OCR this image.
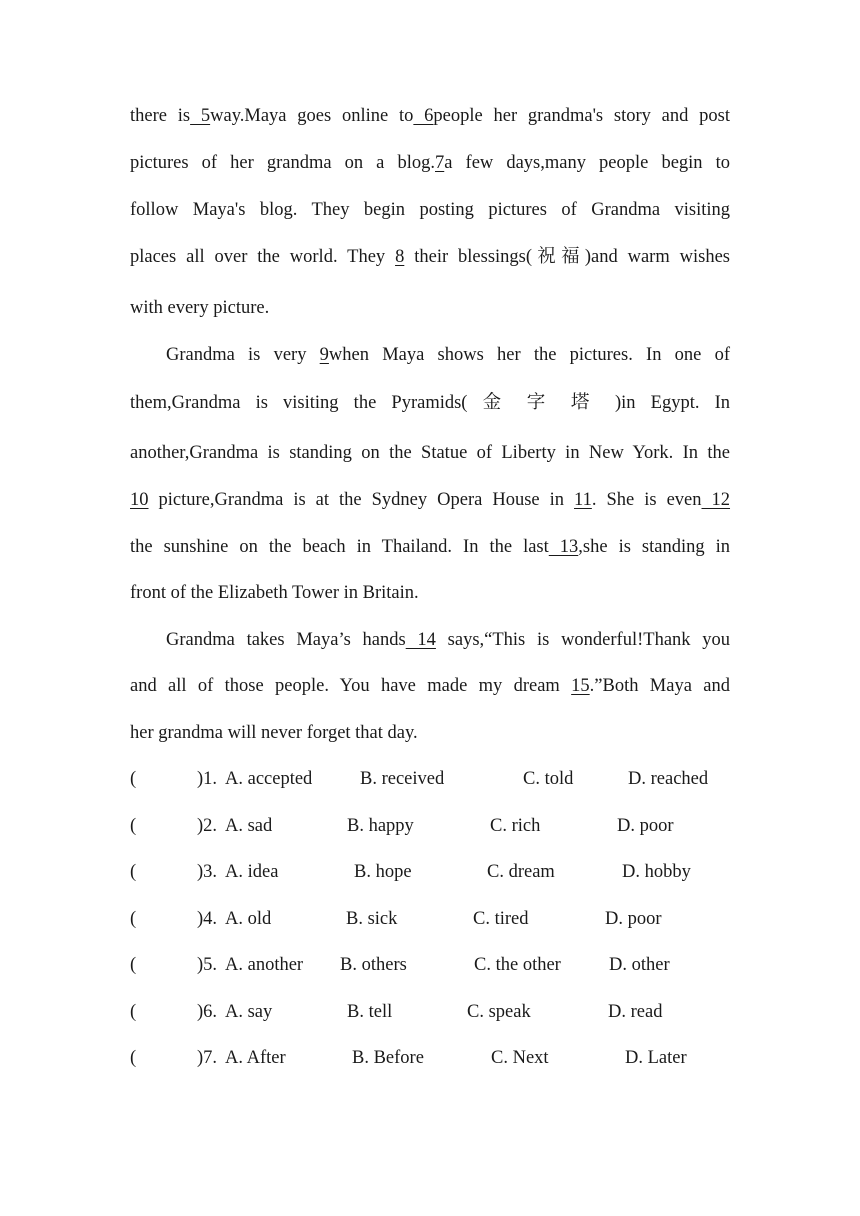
there is 5way.Maya goes online to 6people her grandma's story and post
pictures of her grandma on a blog.7a few days,many people begin to
follow Maya's blog. They begin posting pictures of Grandma visiting
places all over the world. They 8 their blessings(祝福)and warm wishes
with every picture.
Grandma is very 9when Maya shows her the pictures. In one of
them,Grandma is visiting the Pyramids( 金 字 塔 )in Egypt. In
another,Grandma is standing on the Statue of Liberty in New York. In the
10 picture,Grandma is at the Sydney Opera House in 11. She is even 12
the sunshine on the beach in Thailand. In the last 13,she is standing in
front of the Elizabeth Tower in Britain.
Grandma takes Maya’s hands 14 says,“This is wonderful!Thank you
and all of those people. You have made my dream 15.”Both Maya and
her grandma will never forget that day.
(	)1. A. accepted	B. received	C. told	D. reached
(	)2. A. sad	B. happy	C. rich	D. poor
(	)3. A. idea	B. hope	C. dream	D. hobby
(	)4. A. old	B. sick	C. tired	D. poor
(	)5. A. another B. others	C. the other	D. other
(	)6. A. say	B. tell	C. speak	D. read
(	)7. A. After	B. Before	C. Next	D. Later
